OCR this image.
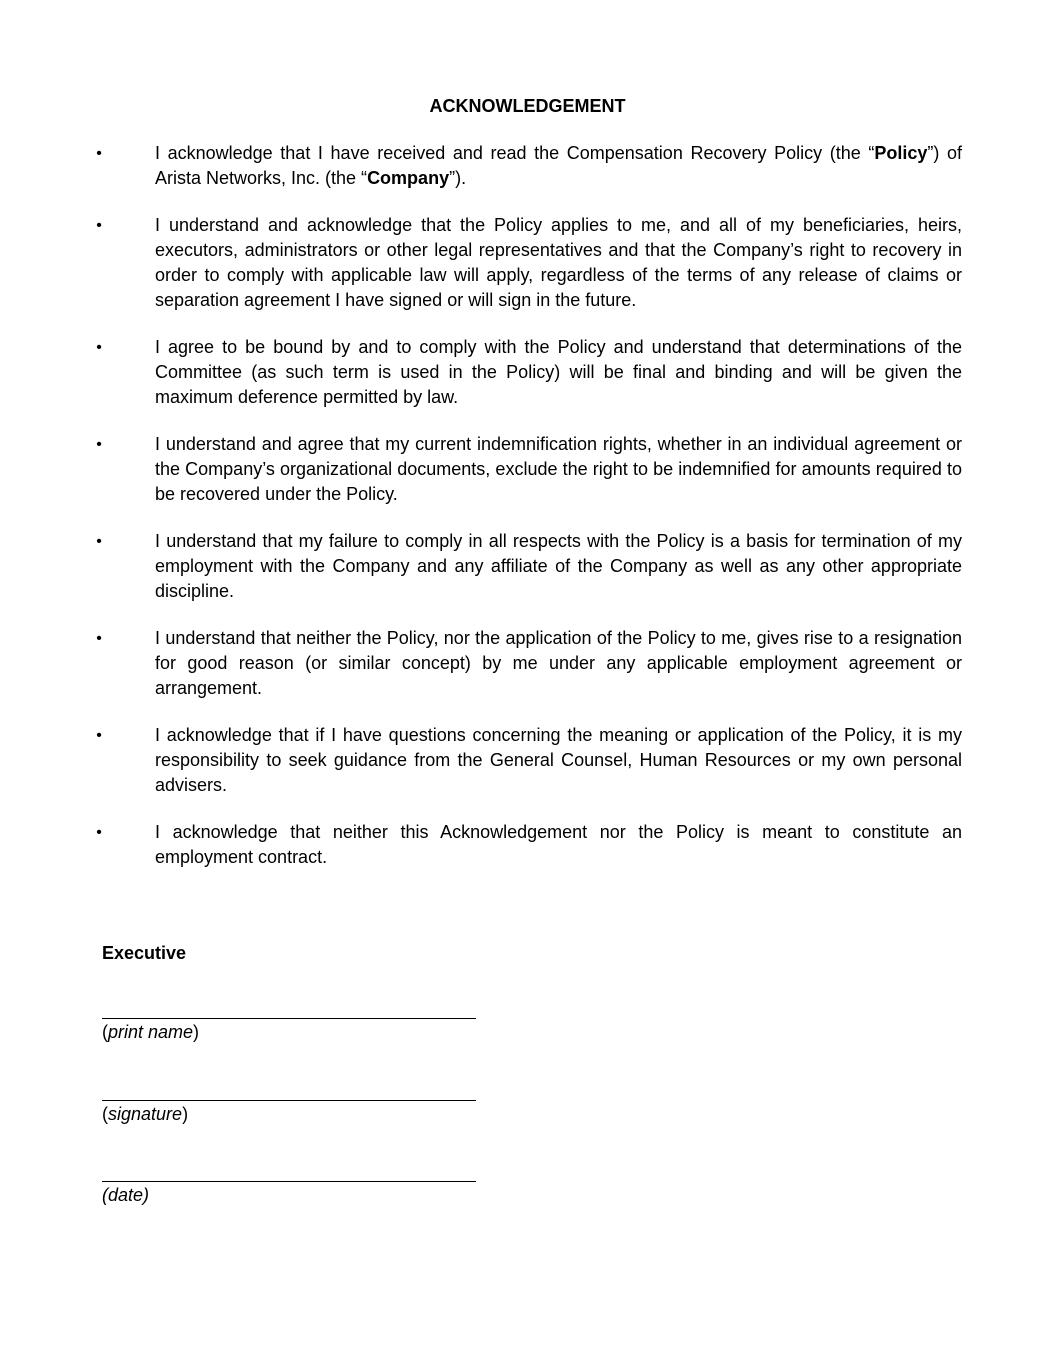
ACKNOWLEDGEMENT
•	I acknowledge that I have received and read the Compensation Recovery Policy (the “Policy”) of Arista Networks, Inc. (the “Company”).
•	I understand and acknowledge that the Policy applies to me, and all of my beneficiaries, heirs, executors, administrators or other legal representatives and that the Company’s right to recovery in order to comply with applicable law will apply, regardless of the terms of any release of claims or separation agreement I have signed or will sign in the future.
•	I agree to be bound by and to comply with the Policy and understand that determinations of the Committee (as such term is used in the Policy) will be final and binding and will be given the maximum deference permitted by law.
•	I understand and agree that my current indemnification rights, whether in an individual agreement or the Company’s organizational documents, exclude the right to be indemnified for amounts required to be recovered under the Policy.
•	I understand that my failure to comply in all respects with the Policy is a basis for termination of my employment with the Company and any affiliate of the Company as well as any other appropriate discipline.
•	I understand that neither the Policy, nor the application of the Policy to me, gives rise to a resignation for good reason (or similar concept) by me under any applicable employment agreement or arrangement.
•	I acknowledge that if I have questions concerning the meaning or application of the Policy, it is my responsibility to seek guidance from the General Counsel, Human Resources or my own personal advisers.
•	I acknowledge that neither this Acknowledgement nor the Policy is meant to constitute an employment contract.
Executive
(print name)
(signature)
(date)
